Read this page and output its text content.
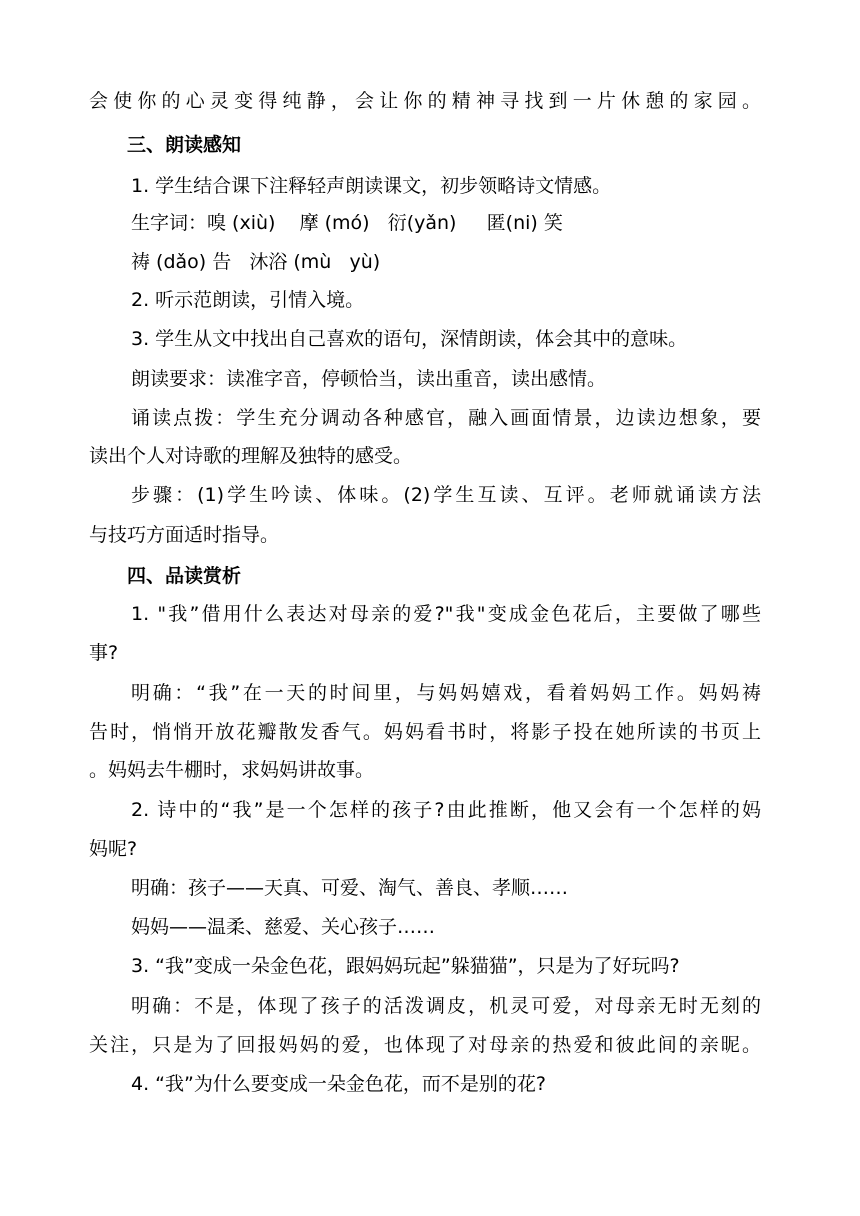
会使你的心灵变得纯静，会让你的精神寻找到一片休憩的家园。
三、朗读感知
1. 学生结合课下注释轻声朗读课文，初步领略诗文情感。
生字词：嗅 (xiù)    摩 (mó)   衍(yǎn)     匿(ni) 笑
祷 (dǎo) 告   沐浴 (mù   yù)
2. 听示范朗读，引情入境。
3. 学生从文中找出自己喜欢的语句，深情朗读，体会其中的意味。
朗读要求：读准字音，停顿恰当，读出重音，读出感情。
诵读点拨：学生充分调动各种感官，融入画面情景，边读边想象，要
读出个人对诗歌的理解及独特的感受。
步骤：(1)学生吟读、体味。(2)学生互读、互评。老师就诵读方法
与技巧方面适时指导。
四、品读赏析
1. "我”借用什么表达对母亲的爱?"我"变成金色花后，主要做了哪些
事?
明确：“我”在一天的时间里，与妈妈嬉戏，看着妈妈工作。妈妈祷
告时，悄悄开放花瓣散发香气。妈妈看书时，将影子投在她所读的书页上
。妈妈去牛棚时，求妈妈讲故事。
2. 诗中的“我”是一个怎样的孩子?由此推断，他又会有一个怎样的妈
妈呢?
明确：孩子——天真、可爱、淘气、善良、孝顺……
妈妈——温柔、慈爱、关心孩子……
3. “我”变成一朵金色花，跟妈妈玩起”躲猫猫”，只是为了好玩吗?
明确：不是，体现了孩子的活泼调皮，机灵可爱，对母亲无时无刻的
关注，只是为了回报妈妈的爱，也体现了对母亲的热爱和彼此间的亲昵。
4. “我”为什么要变成一朵金色花，而不是别的花?
